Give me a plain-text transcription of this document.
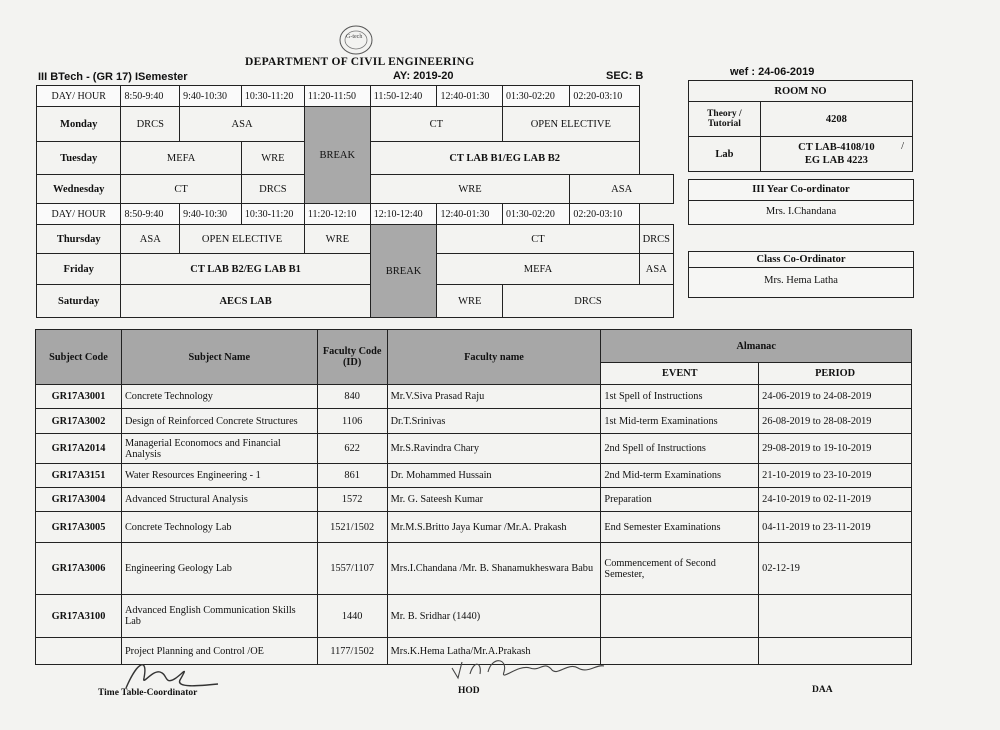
G-tech
DEPARTMENT OF CIVIL ENGINEERING
III BTech - (GR 17) ISemester	AY: 2019-20	SEC: B	wef : 24-06-2019
DAY/ HOUR	8:50-9:40	9:40-10:30	10:30-11:20	11:20-11:50	11:50-12:40	12:40-01:30	01:30-02:20	02:20-03:10	
Monday	DRCS	ASA		BREAK	CT		OPEN ELECTIVE		
Tuesday	MEFA		WRE		CT LAB B1/EG LAB B2				
Wednesday	CT		DRCS		WRE			ASA	
DAY/ HOUR	8:50-9:40	9:40-10:30	10:30-11:20	11:20-12:10	12:10-12:40	12:40-01:30	01:30-02:20	02:20-03:10	
Thursday	ASA	OPEN ELECTIVE		WRE	BREAK	CT			DRCS
Friday	CT LAB B2/EG LAB B1					MEFA			ASA
Saturday	AECS LAB					WRE	DRCS		
ROOM NO	
Theory / Tutorial	4208
Lab	CT LAB-4108/10 /

EG LAB 4223
III Year Co-ordinator
Mrs. I.Chandana
Class Co-Ordinator
Mrs. Hema Latha
Subject Code	Subject Name	Faculty Code (ID)	Faculty name	Almanac	
				EVENT	PERIOD
GR17A3001	Concrete Technology	840	Mr.V.Siva Prasad Raju	1st Spell of Instructions	24-06-2019 to 24-08-2019
GR17A3002	Design of Reinforced Concrete Structures	1106	Dr.T.Srinivas	1st Mid-term Examinations	26-08-2019 to 28-08-2019
GR17A2014	Managerial Economocs and Financial Analysis	622	Mr.S.Ravindra Chary	2nd Spell of Instructions	29-08-2019 to 19-10-2019
GR17A3151	Water Resources Engineering - 1	861	Dr. Mohammed Hussain	2nd Mid-term Examinations	21-10-2019 to 23-10-2019
GR17A3004	Advanced Structural Analysis	1572	Mr. G. Sateesh Kumar	Preparation	24-10-2019 to 02-11-2019
GR17A3005	Concrete Technology Lab	1521/1502	Mr.M.S.Britto Jaya Kumar /Mr.A. Prakash	End Semester Examinations	04-11-2019 to 23-11-2019
GR17A3006	Engineering Geology Lab	1557/1107	Mrs.I.Chandana /Mr. B. Shanamukheswara Babu	Commencement of Second Semester,	02-12-19
GR17A3100	Advanced English Communication Skills Lab	1440	Mr. B. Sridhar (1440)		
	Project Planning and Control /OE	1177/1502	Mrs.K.Hema Latha/Mr.A.Prakash		
Time Table-Coordinator	HOD	DAA
